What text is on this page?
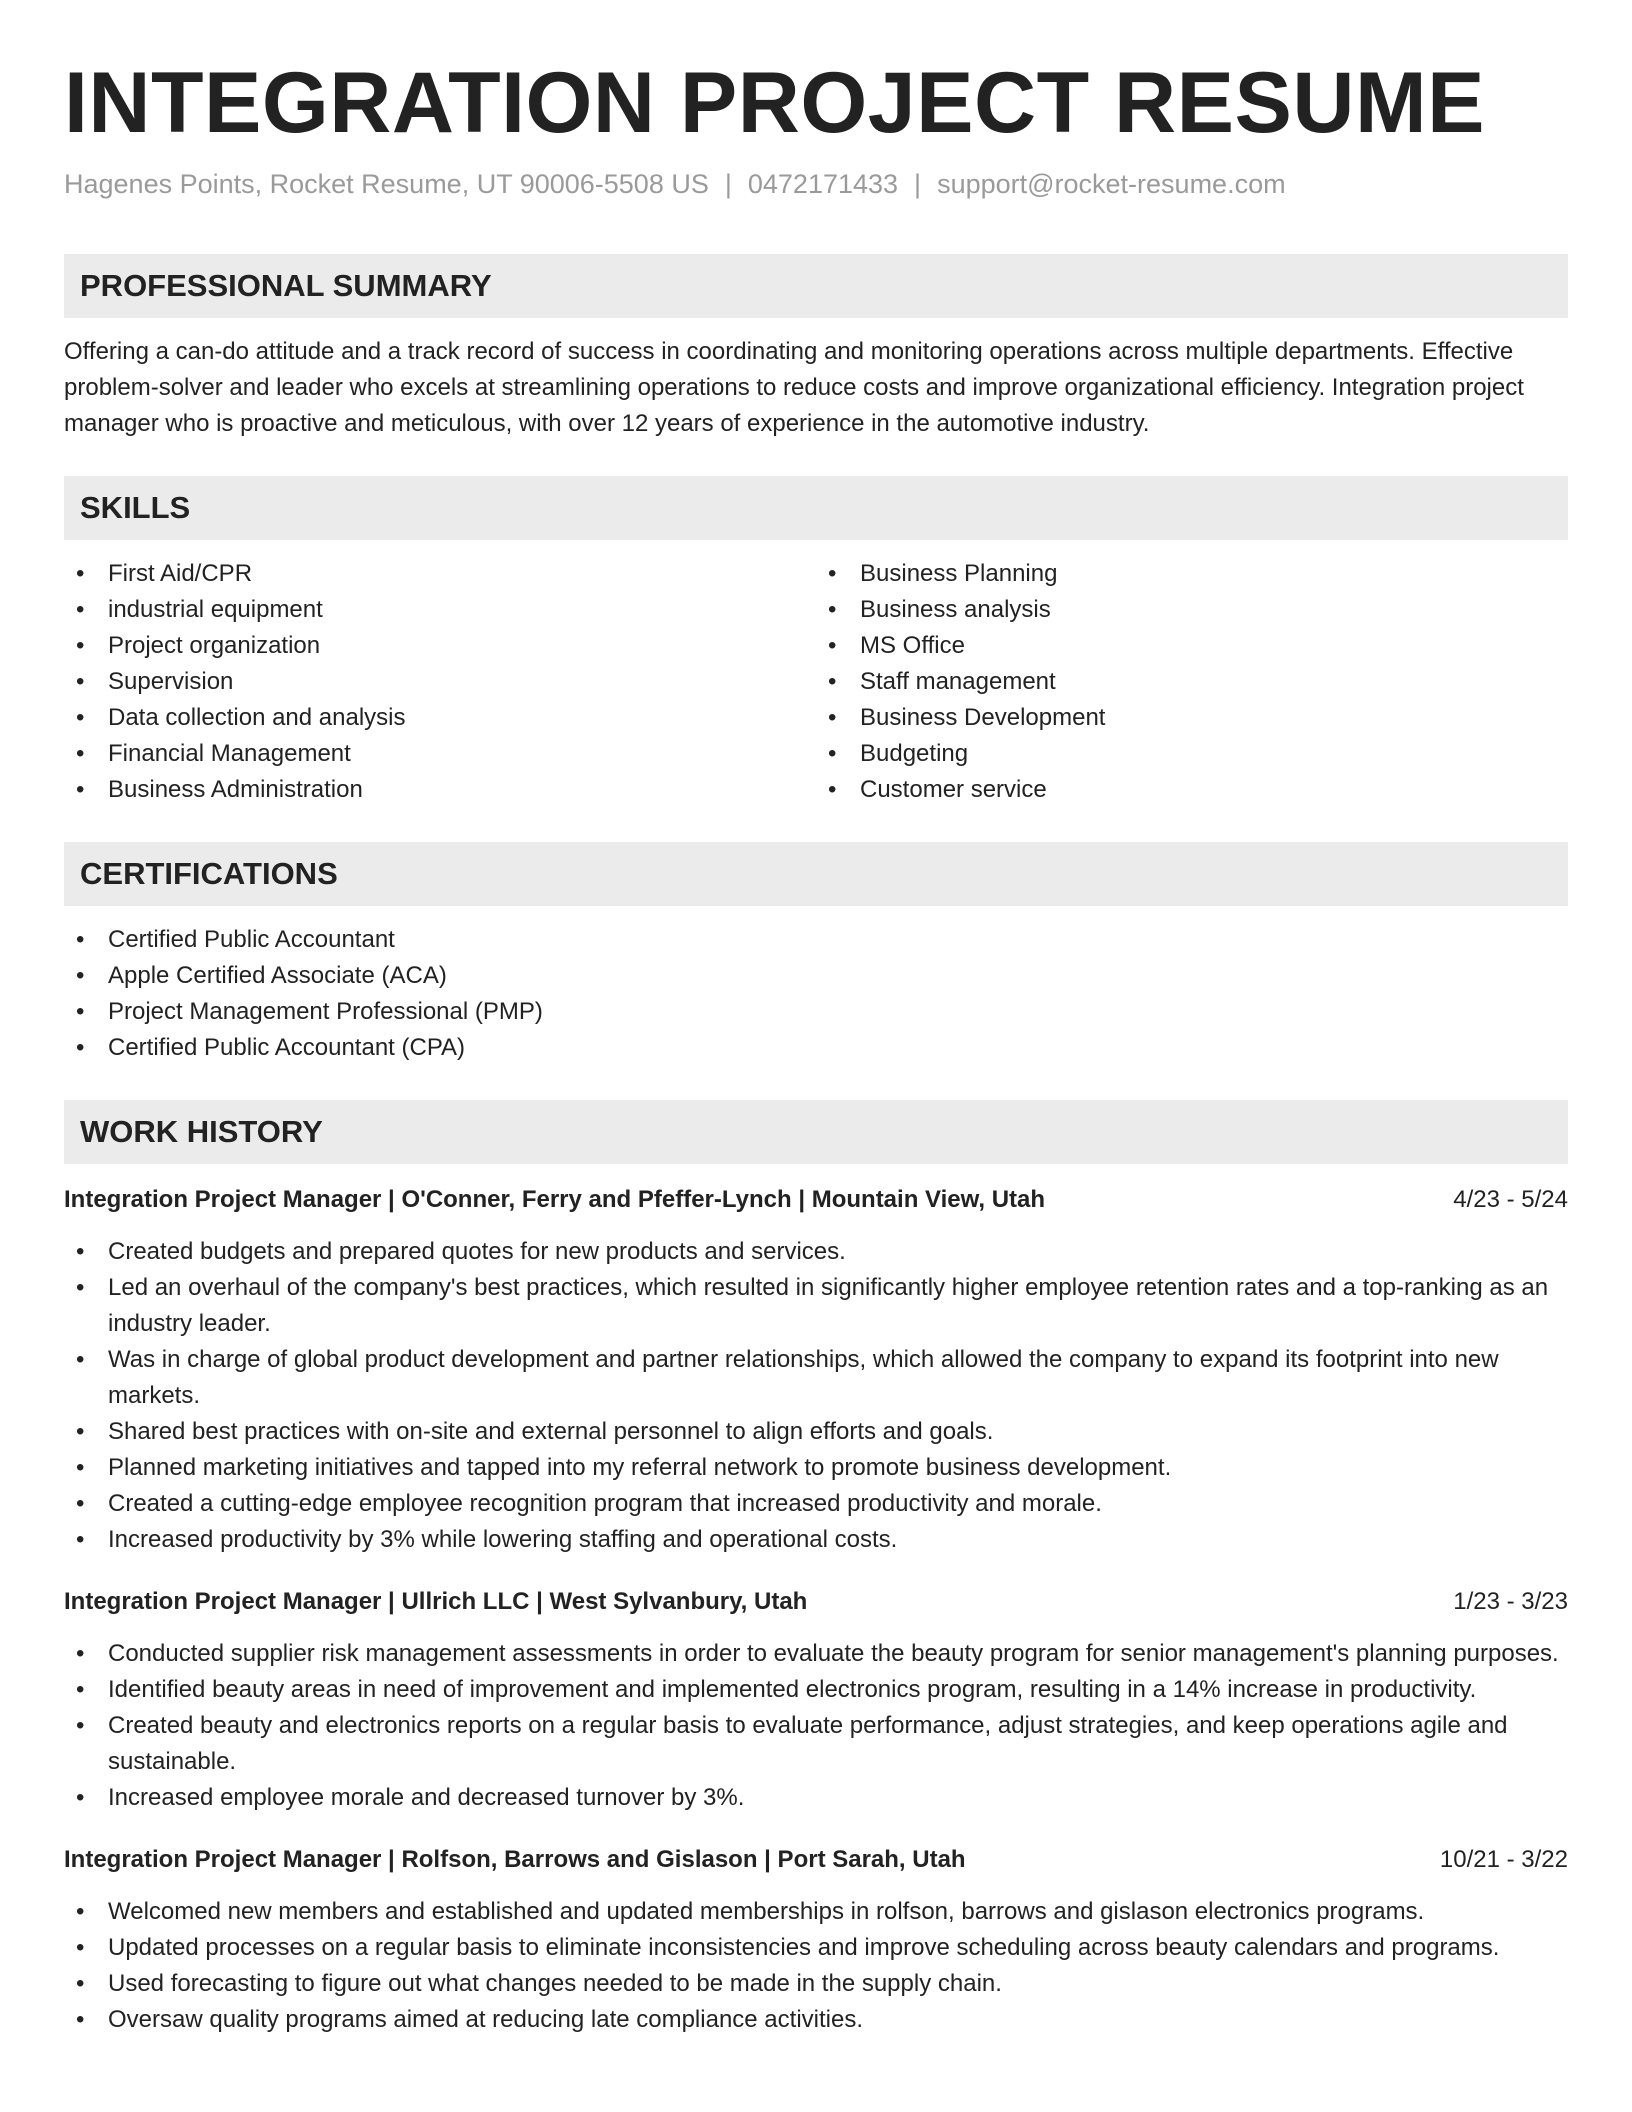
INTEGRATION PROJECT RESUME
Hagenes Points, Rocket Resume, UT 90006-5508 US | 0472171433 | support@rocket-resume.com
PROFESSIONAL SUMMARY
Offering a can-do attitude and a track record of success in coordinating and monitoring operations across multiple departments. Effective problem-solver and leader who excels at streamlining operations to reduce costs and improve organizational efficiency. Integration project manager who is proactive and meticulous, with over 12 years of experience in the automotive industry.
SKILLS
• First Aid/CPR
• industrial equipment
• Project organization
• Supervision
• Data collection and analysis
• Financial Management
• Business Administration
• Business Planning
• Business analysis
• MS Office
• Staff management
• Business Development
• Budgeting
• Customer service
CERTIFICATIONS
• Certified Public Accountant
• Apple Certified Associate (ACA)
• Project Management Professional (PMP)
• Certified Public Accountant (CPA)
WORK HISTORY
Integration Project Manager | O'Conner, Ferry and Pfeffer-Lynch | Mountain View, Utah	4/23 - 5/24
• Created budgets and prepared quotes for new products and services.
• Led an overhaul of the company's best practices, which resulted in significantly higher employee retention rates and a top-ranking as an industry leader.
• Was in charge of global product development and partner relationships, which allowed the company to expand its footprint into new markets.
• Shared best practices with on-site and external personnel to align efforts and goals.
• Planned marketing initiatives and tapped into my referral network to promote business development.
• Created a cutting-edge employee recognition program that increased productivity and morale.
• Increased productivity by 3% while lowering staffing and operational costs.
Integration Project Manager | Ullrich LLC | West Sylvanbury, Utah	1/23 - 3/23
• Conducted supplier risk management assessments in order to evaluate the beauty program for senior management's planning purposes.
• Identified beauty areas in need of improvement and implemented electronics program, resulting in a 14% increase in productivity.
• Created beauty and electronics reports on a regular basis to evaluate performance, adjust strategies, and keep operations agile and sustainable.
• Increased employee morale and decreased turnover by 3%.
Integration Project Manager | Rolfson, Barrows and Gislason | Port Sarah, Utah	10/21 - 3/22
• Welcomed new members and established and updated memberships in rolfson, barrows and gislason electronics programs.
• Updated processes on a regular basis to eliminate inconsistencies and improve scheduling across beauty calendars and programs.
• Used forecasting to figure out what changes needed to be made in the supply chain.
• Oversaw quality programs aimed at reducing late compliance activities.
